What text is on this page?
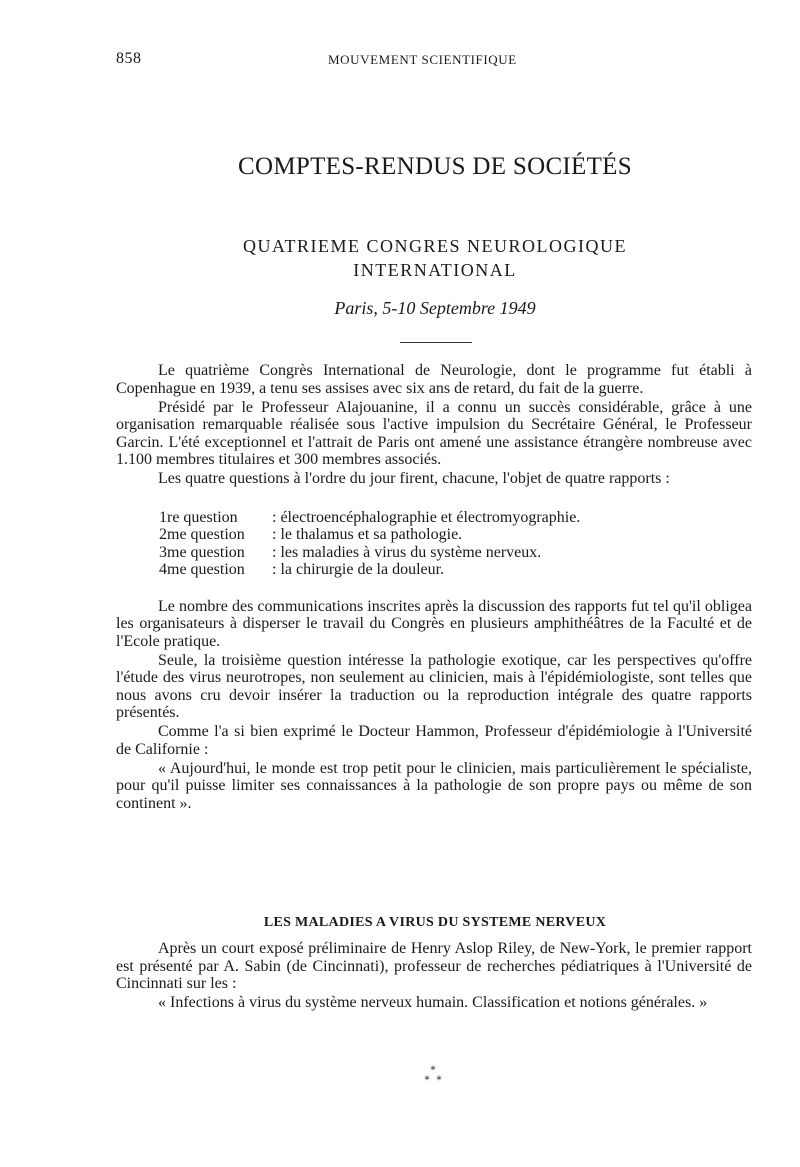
858	MOUVEMENT SCIENTIFIQUE
COMPTES-RENDUS DE SOCIÉTÉS
QUATRIEME CONGRES NEUROLOGIQUE
INTERNATIONAL
Paris, 5-10 Septembre 1949

Le quatrième Congrès International de Neurologie, dont le programme fut établi à Copenhague en 1939, a tenu ses assises avec six ans de retard, du fait de la guerre.

Présidé par le Professeur Alajouanine, il a connu un succès considérable, grâce à une organisation remarquable réalisée sous l'active impulsion du Secrétaire Général, le Professeur Garcin. L'été exceptionnel et l'attrait de Paris ont amené une assistance étrangère nombreuse avec 1.100 membres titulaires et 300 membres associés.

Les quatre questions à l'ordre du jour firent, chacune, l'objet de quatre rapports :

1re question : électroencéphalographie et électromyographie.
2me question : le thalamus et sa pathologie.
3me question : les maladies à virus du système nerveux.
4me question : la chirurgie de la douleur.

Le nombre des communications inscrites après la discussion des rapports fut tel qu'il obligea les organisateurs à disperser le travail du Congrès en plusieurs amphithéâtres de la Faculté et de l'Ecole pratique.

Seule, la troisième question intéresse la pathologie exotique, car les perspectives qu'offre l'étude des virus neurotropes, non seulement au clinicien, mais à l'épidémiologiste, sont telles que nous avons cru devoir insérer la traduction ou la reproduction intégrale des quatre rapports présentés.

Comme l'a si bien exprimé le Docteur Hammon, Professeur d'épidémiologie à l'Université de Californie :

« Aujourd'hui, le monde est trop petit pour le clinicien, mais particulièrement le spécialiste, pour qu'il puisse limiter ses connaissances à la pathologie de son propre pays ou même de son continent ».

LES MALADIES A VIRUS DU SYSTEME NERVEUX

Après un court exposé préliminaire de Henry Aslop Riley, de New-York, le premier rapport est présenté par A. Sabin (de Cincinnati), professeur de recherches pédiatriques à l'Université de Cincinnati sur les :

« Infections à virus du système nerveux humain. Classification et notions générales. »

*
* *
